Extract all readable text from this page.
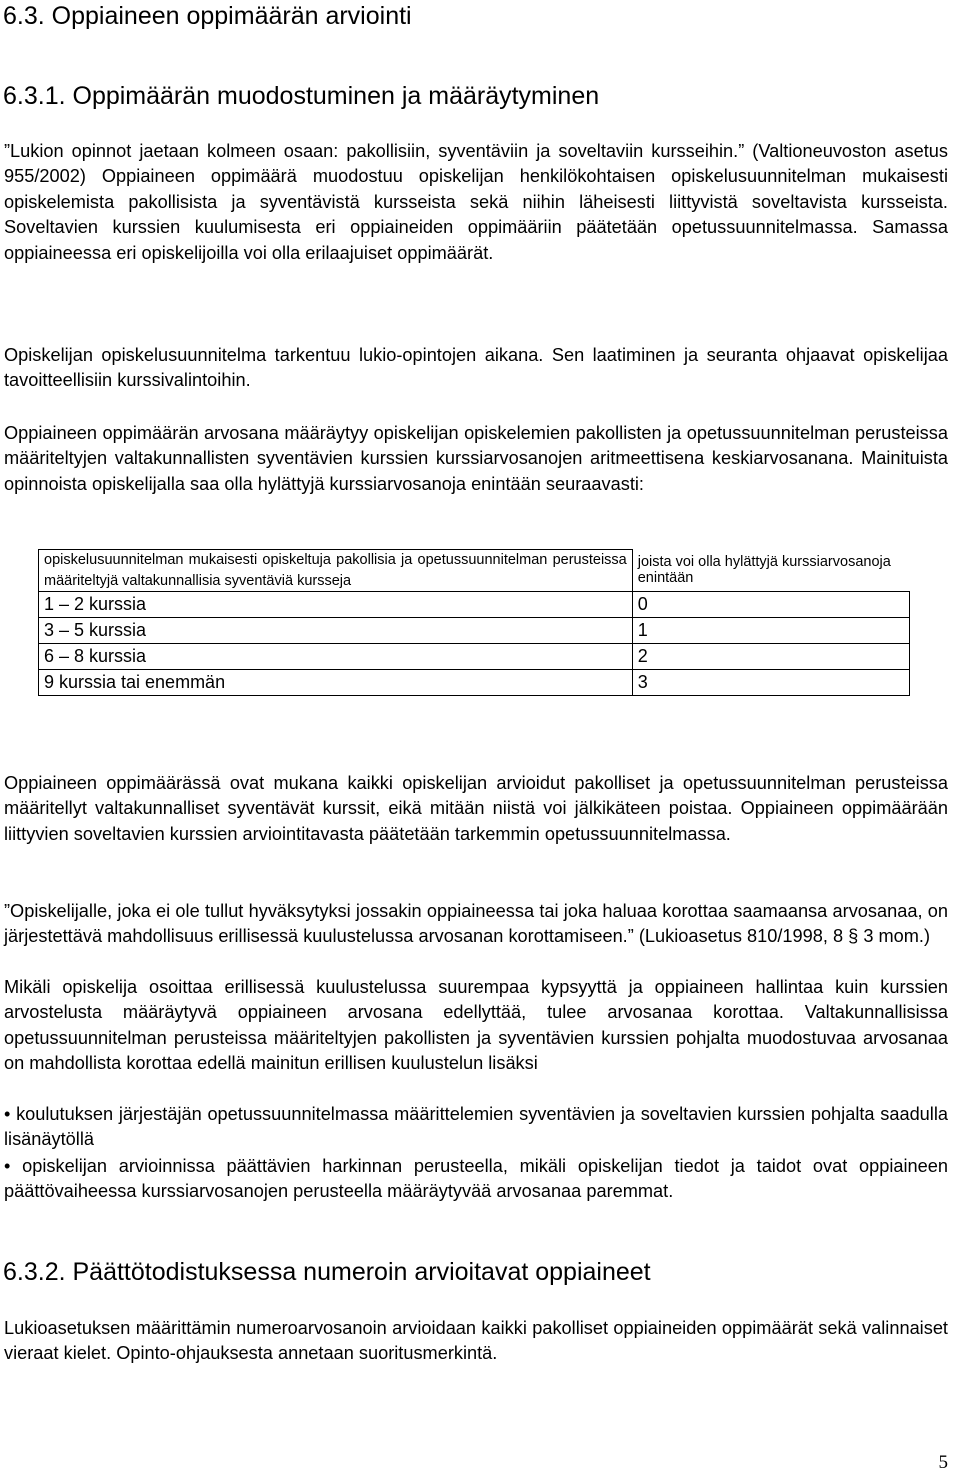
6.3. Oppiaineen oppimäärän arviointi
6.3.1. Oppimäärän muodostuminen ja määräytyminen

”Lukion opinnot jaetaan kolmeen osaan: pakollisiin, syventäviin ja soveltaviin kursseihin.” (Valtioneuvoston asetus 955/2002) Oppiaineen oppimäärä muodostuu opiskelijan henkilökohtaisen opiskelusuunnitelman mukaisesti opiskelemista pakollisista ja syventävistä kursseista sekä niihin läheisesti liittyvistä soveltavista kursseista. Soveltavien kurssien kuulumisesta eri oppiaineiden oppimääriin päätetään opetussuunnitelmassa. Samassa oppiaineessa eri opiskelijoilla voi olla erilaajuiset oppimäärät.

Opiskelijan opiskelusuunnitelma tarkentuu lukio-opintojen aikana. Sen laatiminen ja seuranta ohjaavat opiskelijaa tavoitteellisiin kurssivalintoihin.

Oppiaineen oppimäärän arvosana määräytyy opiskelijan opiskelemien pakollisten ja opetussuunnitelman perusteissa määriteltyjen valtakunnallisten syventävien kurssien kurssiarvosanojen aritmeettisena keskiarvosanana. Mainituista opinnoista opiskelijalla saa olla hylättyjä kurssiarvosanoja enintään seuraavasti:

opiskelusuunnitelman mukaisesti opiskeltuja pakollisia ja opetussuunnitelman perusteissa määriteltyjä valtakunnallisia syventäviä kursseja	joista voi olla hylättyjä kurssiarvosanoja enintään
1 – 2 kurssia	0
3 – 5 kurssia	1
6 – 8 kurssia	2
9 kurssia tai enemmän	3

Oppiaineen oppimäärässä ovat mukana kaikki opiskelijan arvioidut pakolliset ja opetussuunnitelman perusteissa määritellyt valtakunnalliset syventävät kurssit, eikä mitään niistä voi jälkikäteen poistaa. Oppiaineen oppimäärään liittyvien soveltavien kurssien arviointitavasta päätetään tarkemmin opetussuunnitelmassa.

”Opiskelijalle, joka ei ole tullut hyväksytyksi jossakin oppiaineessa tai joka haluaa korottaa saamaansa arvosanaa, on järjestettävä mahdollisuus erillisessä kuulustelussa arvosanan korottamiseen.” (Lukioasetus 810/1998, 8 § 3 mom.)

Mikäli opiskelija osoittaa erillisessä kuulustelussa suurempaa kypsyyttä ja oppiaineen hallintaa kuin kurssien arvostelusta määräytyvä oppiaineen arvosana edellyttää, tulee arvosanaa korottaa. Valtakunnallisissa opetussuunnitelman perusteissa määriteltyjen pakollisten ja syventävien kurssien pohjalta muodostuvaa arvosanaa on mahdollista korottaa edellä mainitun erillisen kuulustelun lisäksi

• koulutuksen järjestäjän opetussuunnitelmassa määrittelemien syventävien ja soveltavien kurssien pohjalta saadulla lisänäytöllä

• opiskelijan arvioinnissa päättävien harkinnan perusteella, mikäli opiskelijan tiedot ja taidot ovat oppiaineen päättövaiheessa kurssiarvosanojen perusteella määräytyvää arvosanaa paremmat.

6.3.2. Päättötodistuksessa numeroin arvioitavat oppiaineet

Lukioasetuksen määrittämin numeroarvosanoin arvioidaan kaikki pakolliset oppiaineiden oppimäärät sekä valinnaiset vieraat kielet. Opinto-ohjauksesta annetaan suoritusmerkintä.

5
